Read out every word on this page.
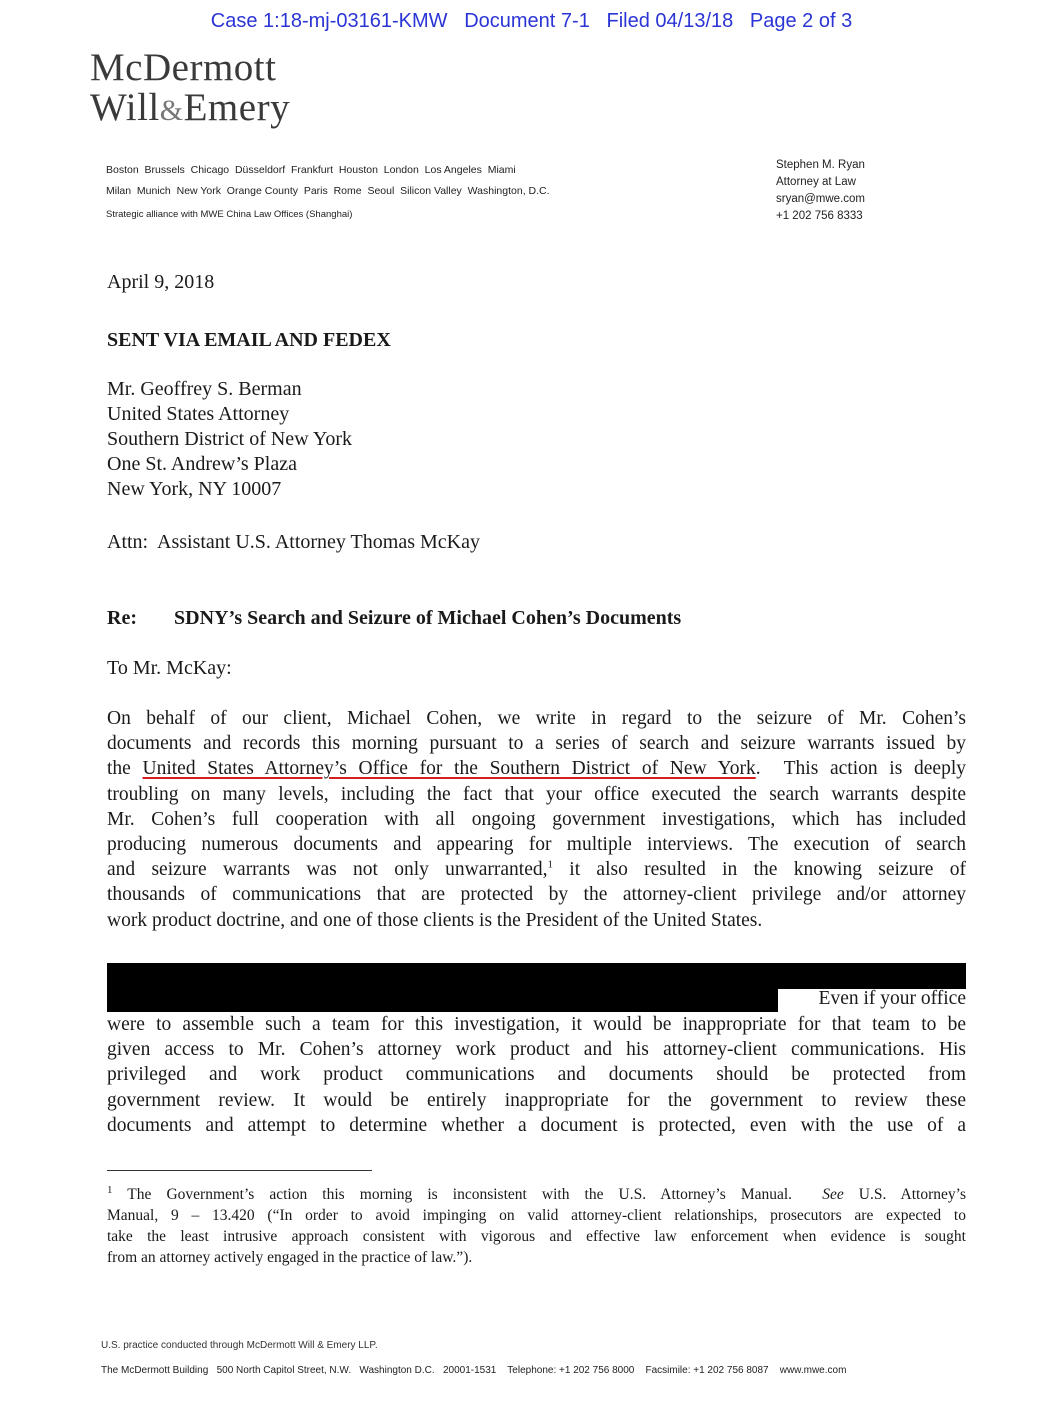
Case 1:18-mj-03161-KMW   Document 7-1   Filed 04/13/18   Page 2 of 3
McDermott
Will&Emery
Boston  Brussels  Chicago  Düsseldorf  Frankfurt  Houston  London  Los Angeles  Miami
Milan  Munich  New York  Orange County  Paris  Rome  Seoul  Silicon Valley  Washington, D.C.
Strategic alliance with MWE China Law Offices (Shanghai)
Stephen M. Ryan
Attorney at Law
sryan@mwe.com
+1 202 756 8333
April 9, 2018
SENT VIA EMAIL AND FEDEX
Mr. Geoffrey S. Berman
United States Attorney
Southern District of New York
One St. Andrew’s Plaza
New York, NY 10007
Attn:  Assistant U.S. Attorney Thomas McKay
Re: SDNY’s Search and Seizure of Michael Cohen’s Documents
To Mr. McKay:
On behalf of our client, Michael Cohen, we write in regard to the seizure of Mr. Cohen’s
documents and records this morning pursuant to a series of search and seizure warrants issued by
the United States Attorney’s Office for the Southern District of New York.  This action is deeply
troubling on many levels, including the fact that your office executed the search warrants despite
Mr. Cohen’s full cooperation with all ongoing government investigations, which has included
producing numerous documents and appearing for multiple interviews. The execution of search
and seizure warrants was not only unwarranted,$^1$ it also resulted in the knowing seizure of
thousands of communications that are protected by the attorney-client privilege and/or attorney
work product doctrine, and one of those clients is the President of the United States.
Even if your office
were to assemble such a team for this investigation, it would be inappropriate for that team to be
given access to Mr. Cohen’s attorney work product and his attorney-client communications. His
privileged and work product communications and documents should be protected from
government review. It would be entirely inappropriate for the government to review these
documents and attempt to determine whether a document is protected, even with the use of a
$^1$ The Government’s action this morning is inconsistent with the U.S. Attorney’s Manual.  See U.S. Attorney’s
Manual, 9 – 13.420 (“In order to avoid impinging on valid attorney-client relationships, prosecutors are expected to
take the least intrusive approach consistent with vigorous and effective law enforcement when evidence is sought
from an attorney actively engaged in the practice of law.”).
U.S. practice conducted through McDermott Will & Emery LLP.
The McDermott Building   500 North Capitol Street, N.W.   Washington D.C.   20001-1531    Telephone: +1 202 756 8000    Facsimile: +1 202 756 8087    www.mwe.com
